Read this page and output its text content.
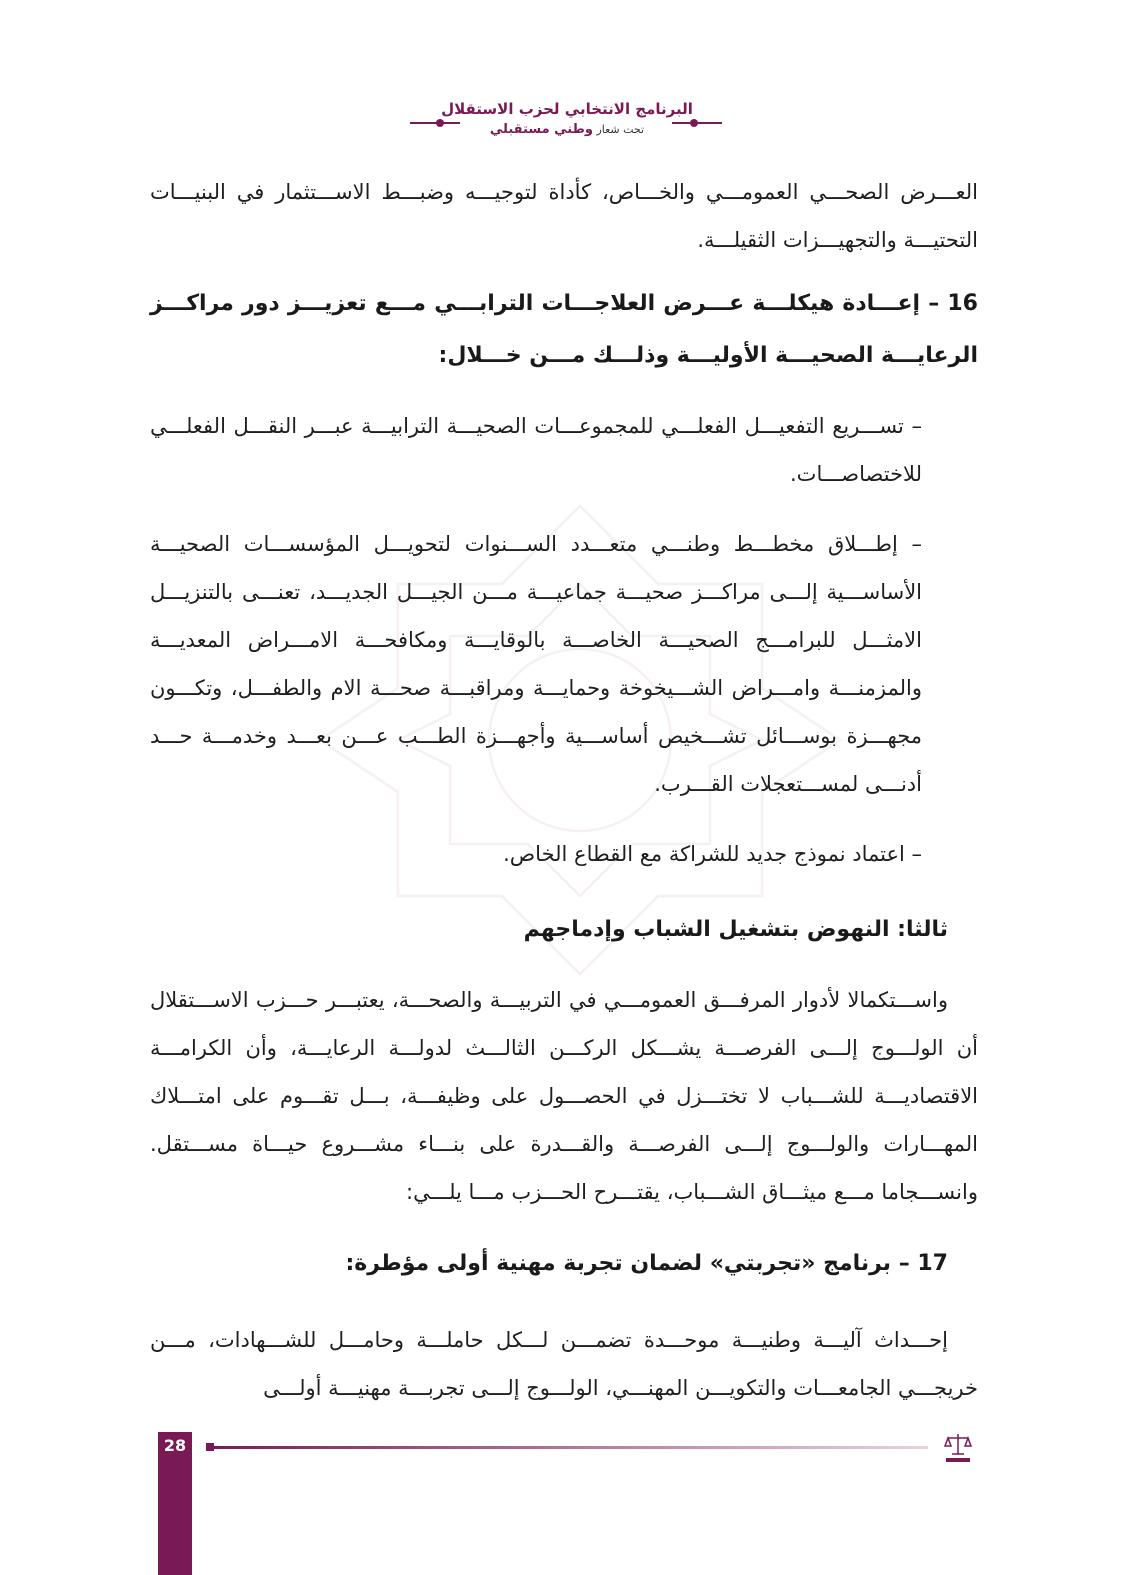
البرنامج الانتخابي لحزب الاستقلال
تحت شعار وطني مستقبلي

العـــرض الصحـــي العمومـــي والخـــاص، كأداة لتوجيـــه وضبـــط الاســـتثمار في البنيـــات التحتيـــة والتجهيـــزات الثقيلـــة.

16 – إعـــادة هيكلـــة عـــرض العلاجـــات الترابـــي مـــع تعزيـــز دور مراكـــز الرعايـــة الصحيـــة الأوليـــة وذلـــك مـــن خـــلال:

– تســـريع التفعيـــل الفعلـــي للمجموعـــات الصحيـــة الترابيـــة عبـــر النقـــل الفعلـــي للاختصاصـــات.

– إطـــلاق مخطـــط وطنـــي متعـــدد الســـنوات لتحويـــل المؤسســـات الصحيـــة الأساســـية إلـــى مراكـــز صحيـــة جماعيـــة مـــن الجيـــل الجديـــد، تعنـــى بالتنزيـــل الامثـــل للبرامـــج الصحيـــة الخاصـــة بالوقايـــة ومكافحـــة الامـــراض المعديـــة والمزمنـــة وامـــراض الشـــيخوخة وحمايـــة ومراقبـــة صحـــة الام والطفـــل، وتكـــون مجهـــزة بوســـائل تشـــخيص أساســـية وأجهـــزة الطـــب عـــن بعـــد وخدمـــة حـــد أدنـــى لمســـتعجلات القـــرب.

– اعتماد نموذج جديد للشراكة مع القطاع الخاص.

ثالثا: النهوض بتشغيل الشباب وإدماجهم

واســـتكمالا لأدوار المرفـــق العمومـــي في التربيـــة والصحـــة، يعتبـــر حـــزب الاســـتقلال أن الولـــوج إلـــى الفرصـــة يشـــكل الركـــن الثالـــث لدولـــة الرعايـــة، وأن الكرامـــة الاقتصاديـــة للشـــباب لا تختـــزل في الحصـــول على وظيفـــة، بـــل تقـــوم على امتـــلاك المهـــارات والولـــوج إلـــى الفرصـــة والقـــدرة على بنـــاء مشـــروع حيـــاة مســـتقل. وانســـجاما مـــع ميثـــاق الشـــباب، يقتـــرح الحـــزب مـــا يلـــي:

17 – برنامج «تجربتي» لضمان تجربة مهنية أولى مؤطرة:

إحـــداث آليـــة وطنيـــة موحـــدة تضمـــن لـــكل حاملـــة وحامـــل للشـــهادات، مـــن خريجـــي الجامعـــات والتكويـــن المهنـــي، الولـــوج إلـــى تجربـــة مهنيـــة أولـــى

28
